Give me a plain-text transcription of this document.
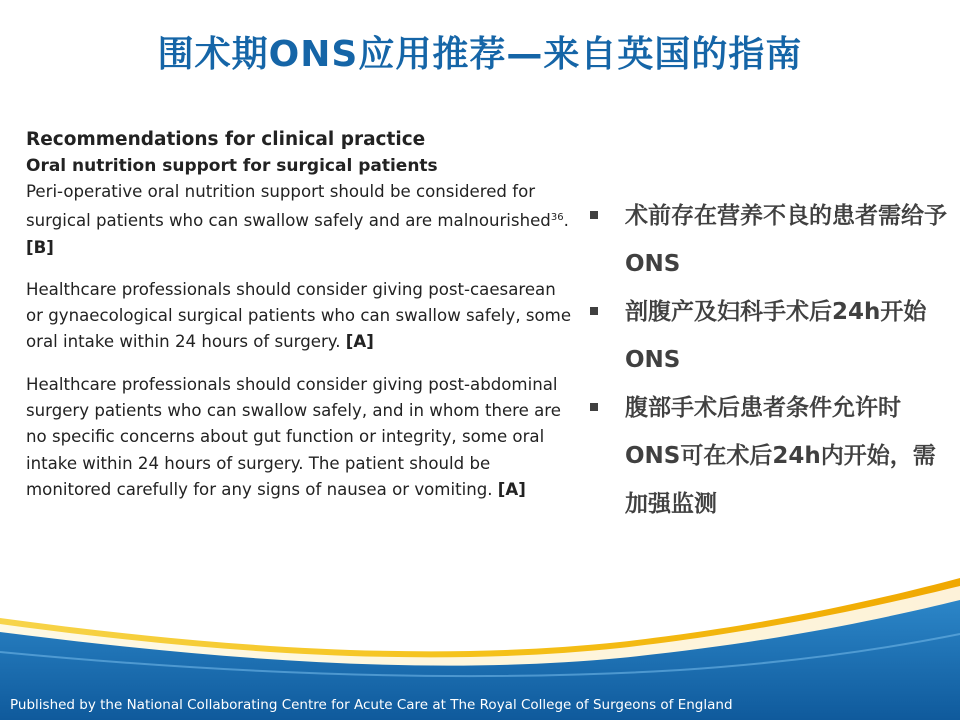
围术期ONS应用推荐—来自英国的指南
Recommendations for clinical practice
Oral nutrition support for surgical patients

Peri-operative oral nutrition support should be considered for surgical patients who can swallow safely and are malnourished$^{36}$. [B]

Healthcare professionals should consider giving post-caesarean or gynaecological surgical patients who can swallow safely, some oral intake within 24 hours of surgery. [A]

Healthcare professionals should consider giving post-abdominal surgery patients who can swallow safely, and in whom there are no specific concerns about gut function or integrity, some oral intake within 24 hours of surgery. The patient should be monitored carefully for any signs of nausea or vomiting. [A]

术前存在营养不良的患者需给予ONS
剖腹产及妇科手术后24h开始ONS
腹部手术后患者条件允许时ONS可在术后24h内开始，需加强监测
Published by the National Collaborating Centre for Acute Care at The Royal College of Surgeons of England
